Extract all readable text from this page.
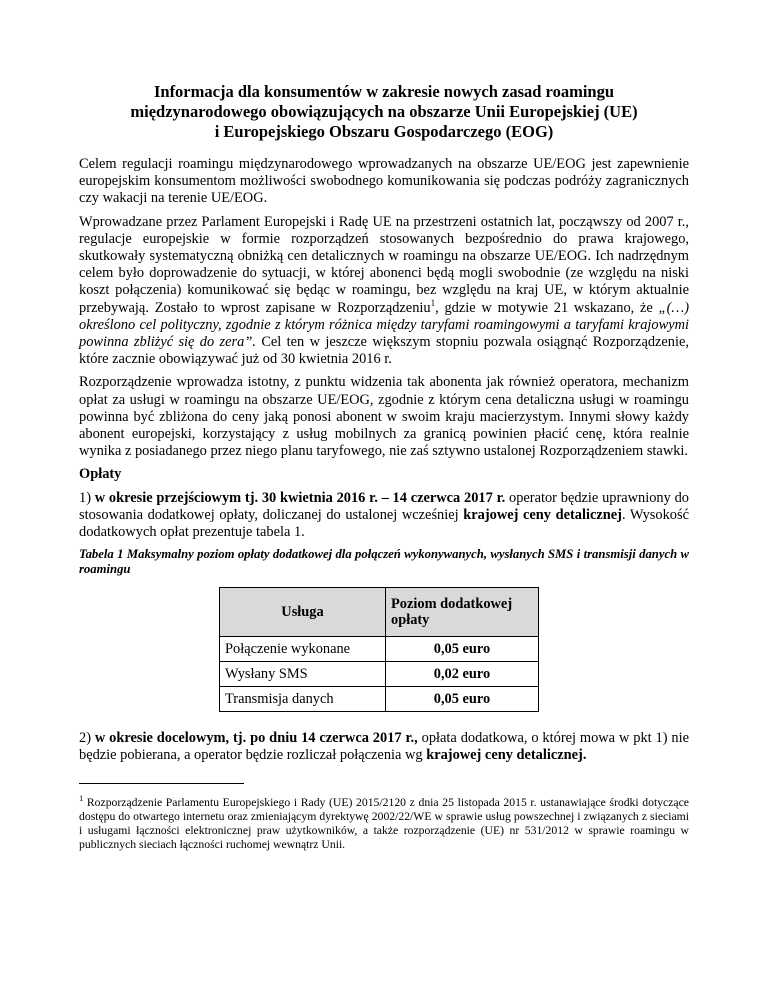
Informacja dla konsumentów w zakresie nowych zasad roamingu
międzynarodowego obowiązujących na obszarze Unii Europejskiej (UE)
i Europejskiego Obszaru Gospodarczego (EOG)

Celem regulacji roamingu międzynarodowego wprowadzanych na obszarze UE/EOG jest zapewnienie europejskim konsumentom możliwości swobodnego komunikowania się podczas podróży zagranicznych czy wakacji na terenie UE/EOG.

Wprowadzane przez Parlament Europejski i Radę UE na przestrzeni ostatnich lat, począwszy od 2007 r., regulacje europejskie w formie rozporządzeń stosowanych bezpośrednio do prawa krajowego, skutkowały systematyczną obniżką cen detalicznych w roamingu na obszarze UE/EOG. Ich nadrzędnym celem było doprowadzenie do sytuacji, w której abonenci będą mogli swobodnie (ze względu na niski koszt połączenia) komunikować się będąc w roamingu, bez względu na kraj UE, w którym aktualnie przebywają. Zostało to wprost zapisane w Rozporządzeniu$^1$, gdzie w motywie 21 wskazano, że „(…) określono cel polityczny, zgodnie z którym różnica między taryfami roamingowymi a taryfami krajowymi powinna zbliżyć się do zera”. Cel ten w jeszcze większym stopniu pozwala osiągnąć Rozporządzenie, które zacznie obowiązywać już od 30 kwietnia 2016 r.

Rozporządzenie wprowadza istotny, z punktu widzenia tak abonenta jak również operatora, mechanizm opłat za usługi w roamingu na obszarze UE/EOG, zgodnie z którym cena detaliczna usługi w roamingu powinna być zbliżona do ceny jaką ponosi abonent w swoim kraju macierzystym. Innymi słowy każdy abonent europejski, korzystający z usług mobilnych za granicą powinien płacić cenę, która realnie wynika z posiadanego przez niego planu taryfowego, nie zaś sztywno ustalonej Rozporządzeniem stawki.

Opłaty

1) w okresie przejściowym tj. 30 kwietnia 2016 r. – 14 czerwca 2017 r. operator będzie uprawniony do stosowania dodatkowej opłaty, doliczanej do ustalonej wcześniej krajowej ceny detalicznej. Wysokość dodatkowych opłat prezentuje tabela 1.

Tabela 1 Maksymalny poziom opłaty dodatkowej dla połączeń wykonywanych, wysłanych SMS i transmisji danych w roamingu

Usługa	Poziom dodatkowej opłaty
Połączenie wykonane	0,05 euro
Wysłany SMS	0,02 euro
Transmisja danych	0,05 euro

2) w okresie docelowym, tj. po dniu 14 czerwca 2017 r., opłata dodatkowa, o której mowa w pkt 1) nie będzie pobierana, a operator będzie rozliczał połączenia wg krajowej ceny detalicznej.

$^1$ Rozporządzenie Parlamentu Europejskiego i Rady (UE) 2015/2120 z dnia 25 listopada 2015 r. ustanawiające środki dotyczące dostępu do otwartego internetu oraz zmieniającym dyrektywę 2002/22/WE w sprawie usług powszechnej i związanych z sieciami i usługami łączności elektronicznej praw użytkowników, a także rozporządzenie (UE) nr 531/2012 w sprawie roamingu w publicznych sieciach łączności ruchomej wewnątrz Unii.
